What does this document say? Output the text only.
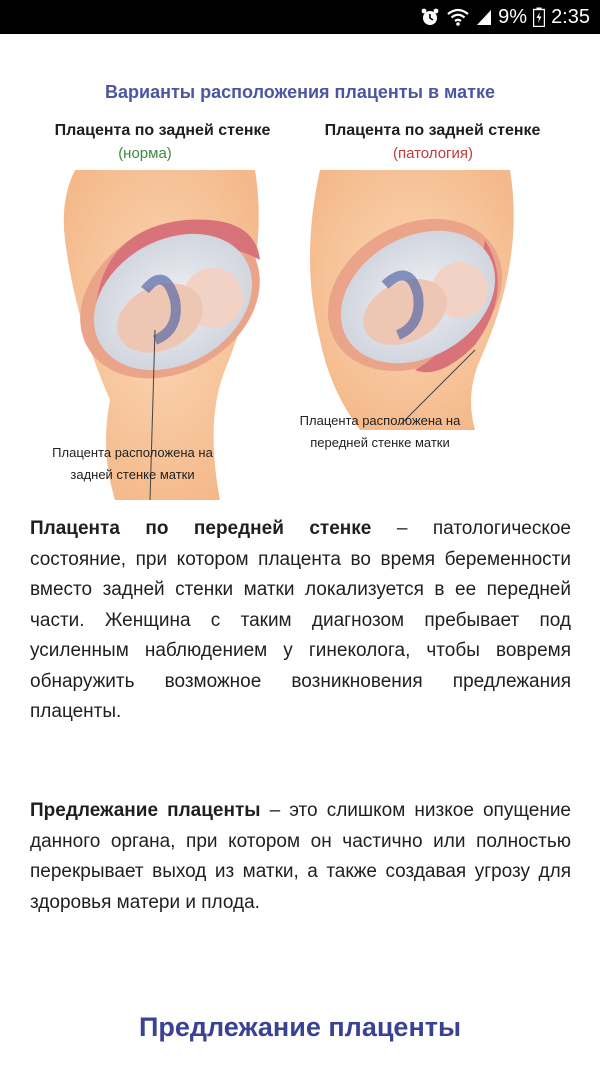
9% 2:35
Варианты расположения плаценты в матке
Плацента по задней стенке
(норма)
Плацента по задней стенке
(патология)
Плацента расположена на
задней стенке матки
Плацента расположена на
передней стенке матки

Плацента по передней стенке – патологическое состояние, при котором плацента во время беременности вместо задней стенки матки локализуется в ее передней части. Женщина с таким диагнозом пребывает под усиленным наблюдением у гинеколога, чтобы вовремя обнаружить возможное возникновения предлежания плаценты.

Предлежание плаценты – это слишком низкое опущение данного органа, при котором он частично или полностью перекрывает выход из матки, а также создавая угрозу для здоровья матери и плода.

Предлежание плаценты
